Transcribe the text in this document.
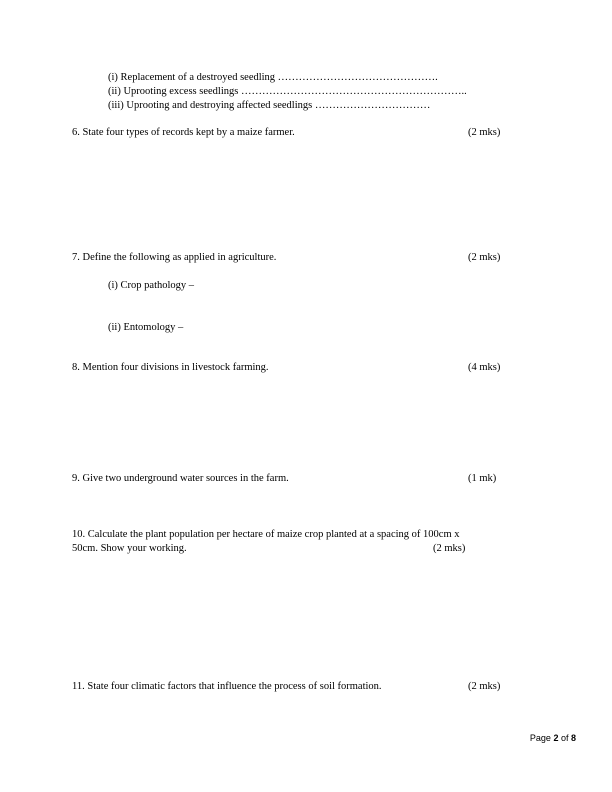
(i) Replacement of a destroyed seedling ……………………………………….
(ii) Uprooting excess seedlings ………………………………………………………..
(iii) Uprooting and destroying affected seedlings ……………………………
6. State four types of records kept by a maize farmer.	(2 mks)
7. Define the following as applied in agriculture.	(2 mks)
(i) Crop pathology –
(ii) Entomology –
8. Mention four divisions in livestock farming.	(4 mks)
9. Give two underground water sources in the farm.	(1 mk)
10. Calculate the plant population per hectare of maize crop planted at a spacing of 100cm x
50cm. Show your working.	(2 mks)
11. State four climatic factors that influence the process of soil formation.	(2 mks)
Page 2 of 8
